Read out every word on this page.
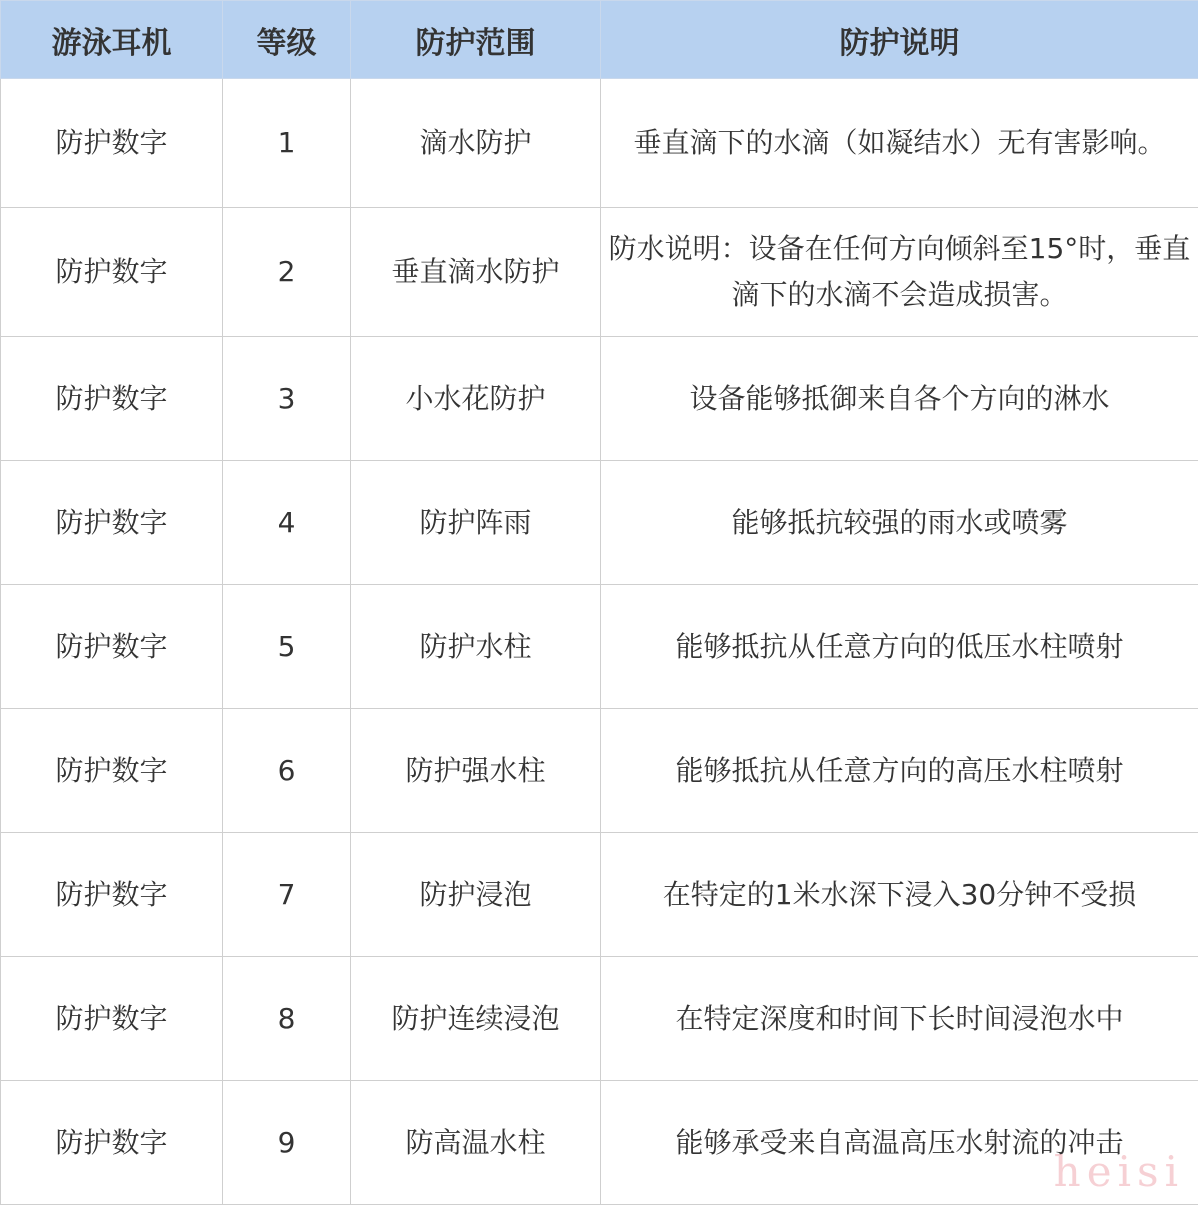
游泳耳机	等级	防护范围	防护说明
防护数字	1	滴水防护	垂直滴下的水滴（如凝结水）无有害影响。
防护数字	2	垂直滴水防护	防水说明：设备在任何方向倾斜至15°时，垂直滴下的水滴不会造成损害。
防护数字	3	小水花防护	设备能够抵御来自各个方向的淋水
防护数字	4	防护阵雨	能够抵抗较强的雨水或喷雾
防护数字	5	防护水柱	能够抵抗从任意方向的低压水柱喷射
防护数字	6	防护强水柱	能够抵抗从任意方向的高压水柱喷射
防护数字	7	防护浸泡	在特定的1米水深下浸入30分钟不受损
防护数字	8	防护连续浸泡	在特定深度和时间下长时间浸泡水中
防护数字	9	防高温水柱	能够承受来自高温高压水射流的冲击
heisi
